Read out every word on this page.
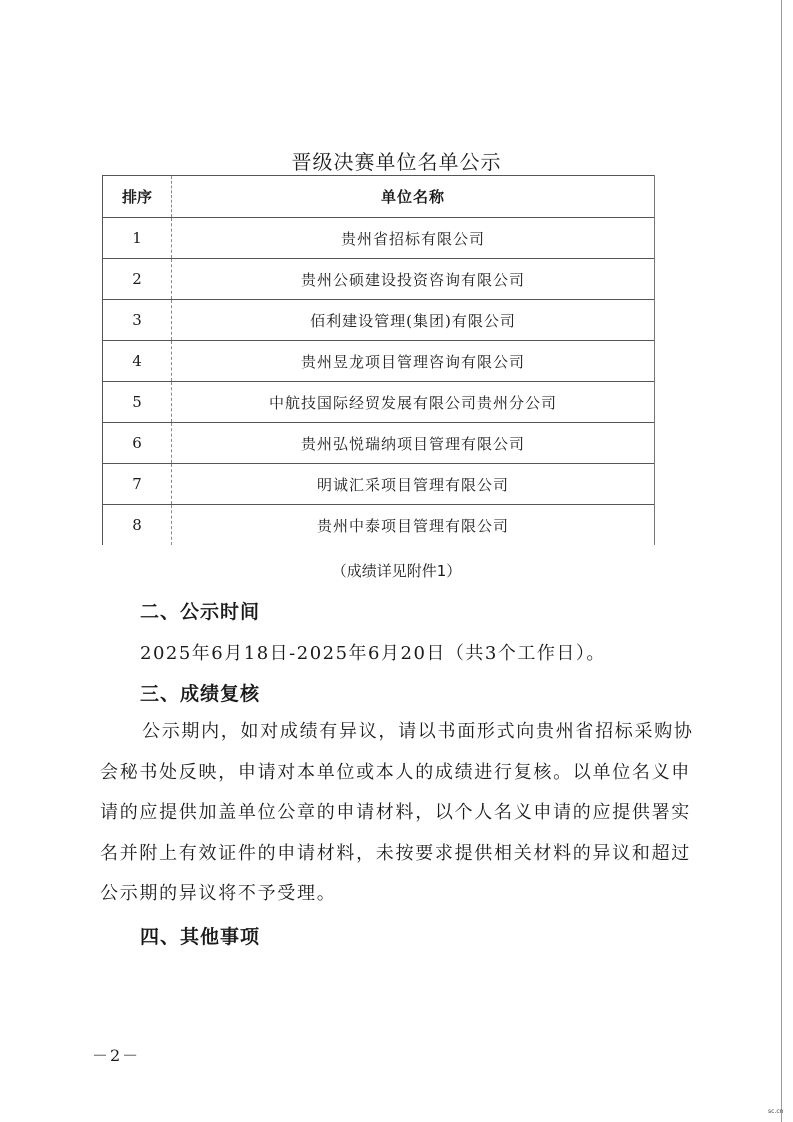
晋级决赛单位名单公示
排序	单位名称
1	贵州省招标有限公司
2	贵州公硕建设投资咨询有限公司
3	佰利建设管理(集团)有限公司
4	贵州昱龙项目管理咨询有限公司
5	中航技国际经贸发展有限公司贵州分公司
6	贵州弘悦瑞纳项目管理有限公司
7	明诚汇采项目管理有限公司
8	贵州中泰项目管理有限公司
（成绩详见附件1）
二、公示时间
2025年6月18日-2025年6月20日（共3个工作日）。
三、成绩复核
公示期内，如对成绩有异议，请以书面形式向贵州省招标采购协会秘书处反映，申请对本单位或本人的成绩进行复核。以单位名义申请的应提供加盖单位公章的申请材料，以个人名义申请的应提供署实名并附上有效证件的申请材料，未按要求提供相关材料的异议和超过公示期的异议将不予受理。
四、其他事项
－2－
sc.cn
